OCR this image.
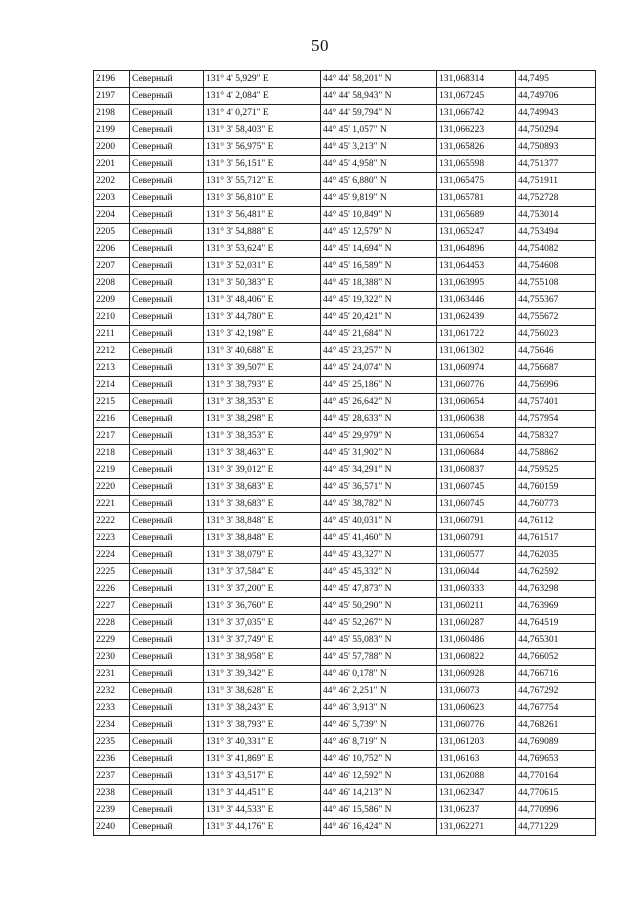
50
2196	Северный	131° 4' 5,929" E	44° 44' 58,201" N	131,068314	44,7495
2197	Северный	131° 4' 2,084" E	44° 44' 58,943" N	131,067245	44,749706
2198	Северный	131° 4' 0,271" E	44° 44' 59,794" N	131,066742	44,749943
2199	Северный	131° 3' 58,403" E	44° 45' 1,057" N	131,066223	44,750294
2200	Северный	131° 3' 56,975" E	44° 45' 3,213" N	131,065826	44,750893
2201	Северный	131° 3' 56,151" E	44° 45' 4,958" N	131,065598	44,751377
2202	Северный	131° 3' 55,712" E	44° 45' 6,880" N	131,065475	44,751911
2203	Северный	131° 3' 56,810" E	44° 45' 9,819" N	131,065781	44,752728
2204	Северный	131° 3' 56,481" E	44° 45' 10,849" N	131,065689	44,753014
2205	Северный	131° 3' 54,888" E	44° 45' 12,579" N	131,065247	44,753494
2206	Северный	131° 3' 53,624" E	44° 45' 14,694" N	131,064896	44,754082
2207	Северный	131° 3' 52,031" E	44° 45' 16,589" N	131,064453	44,754608
2208	Северный	131° 3' 50,383" E	44° 45' 18,388" N	131,063995	44,755108
2209	Северный	131° 3' 48,406" E	44° 45' 19,322" N	131,063446	44,755367
2210	Северный	131° 3' 44,780" E	44° 45' 20,421" N	131,062439	44,755672
2211	Северный	131° 3' 42,198" E	44° 45' 21,684" N	131,061722	44,756023
2212	Северный	131° 3' 40,688" E	44° 45' 23,257" N	131,061302	44,75646
2213	Северный	131° 3' 39,507" E	44° 45' 24,074" N	131,060974	44,756687
2214	Северный	131° 3' 38,793" E	44° 45' 25,186" N	131,060776	44,756996
2215	Северный	131° 3' 38,353" E	44° 45' 26,642" N	131,060654	44,757401
2216	Северный	131° 3' 38,298" E	44° 45' 28,633" N	131,060638	44,757954
2217	Северный	131° 3' 38,353" E	44° 45' 29,979" N	131,060654	44,758327
2218	Северный	131° 3' 38,463" E	44° 45' 31,902" N	131,060684	44,758862
2219	Северный	131° 3' 39,012" E	44° 45' 34,291" N	131,060837	44,759525
2220	Северный	131° 3' 38,683" E	44° 45' 36,571" N	131,060745	44,760159
2221	Северный	131° 3' 38,683" E	44° 45' 38,782" N	131,060745	44,760773
2222	Северный	131° 3' 38,848" E	44° 45' 40,031" N	131,060791	44,76112
2223	Северный	131° 3' 38,848" E	44° 45' 41,460" N	131,060791	44,761517
2224	Северный	131° 3' 38,079" E	44° 45' 43,327" N	131,060577	44,762035
2225	Северный	131° 3' 37,584" E	44° 45' 45,332" N	131,06044	44,762592
2226	Северный	131° 3' 37,200" E	44° 45' 47,873" N	131,060333	44,763298
2227	Северный	131° 3' 36,760" E	44° 45' 50,290" N	131,060211	44,763969
2228	Северный	131° 3' 37,035" E	44° 45' 52,267" N	131,060287	44,764519
2229	Северный	131° 3' 37,749" E	44° 45' 55,083" N	131,060486	44,765301
2230	Северный	131° 3' 38,958" E	44° 45' 57,788" N	131,060822	44,766052
2231	Северный	131° 3' 39,342" E	44° 46' 0,178" N	131,060928	44,766716
2232	Северный	131° 3' 38,628" E	44° 46' 2,251" N	131,06073	44,767292
2233	Северный	131° 3' 38,243" E	44° 46' 3,913" N	131,060623	44,767754
2234	Северный	131° 3' 38,793" E	44° 46' 5,739" N	131,060776	44,768261
2235	Северный	131° 3' 40,331" E	44° 46' 8,719" N	131,061203	44,769089
2236	Северный	131° 3' 41,869" E	44° 46' 10,752" N	131,06163	44,769653
2237	Северный	131° 3' 43,517" E	44° 46' 12,592" N	131,062088	44,770164
2238	Северный	131° 3' 44,451" E	44° 46' 14,213" N	131,062347	44,770615
2239	Северный	131° 3' 44,533" E	44° 46' 15,586" N	131,06237	44,770996
2240	Северный	131° 3' 44,176" E	44° 46' 16,424" N	131,062271	44,771229
